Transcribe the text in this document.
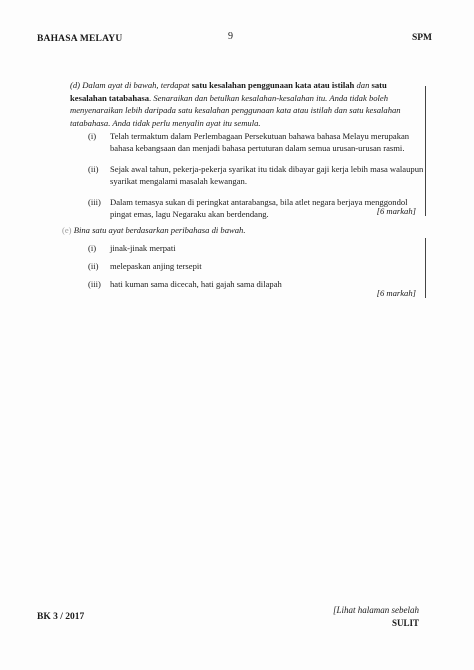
BAHASA MELAYU	9	SPM
(d) Dalam ayat di bawah, terdapat satu kesalahan penggunaan kata atau istilah dan satu kesalahan tatabahasa. Senaraikan dan betulkan kesalahan-kesalahan itu. Anda tidak boleh menyenaraikan lebih daripada satu kesalahan penggunaan kata atau istilah dan satu kesalahan tatabahasa. Anda tidak perlu menyalin ayat itu semula.
(i)	Telah termaktum dalam Perlembagaan Persekutuan bahawa bahasa Melayu merupakan bahasa kebangsaan dan menjadi bahasa pertuturan dalam semua urusan-urusan rasmi.
(ii)	Sejak awal tahun, pekerja-pekerja syarikat itu tidak dibayar gaji kerja lebih masa walaupun syarikat mengalami masalah kewangan.
(iii)	Dalam temasya sukan di peringkat antarabangsa, bila atlet negara berjaya menggondol pingat emas, lagu Negaraku akan berdendang.	[6 markah]
(e) Bina satu ayat berdasarkan peribahasa di bawah.
(i)	jinak-jinak merpati
(ii)	melepaskan anjing tersepit
(iii)	hati kuman sama dicecah, hati gajah sama dilapah
[6 markah]
BK 3 / 2017
[Lihat halaman sebelah
SULIT
